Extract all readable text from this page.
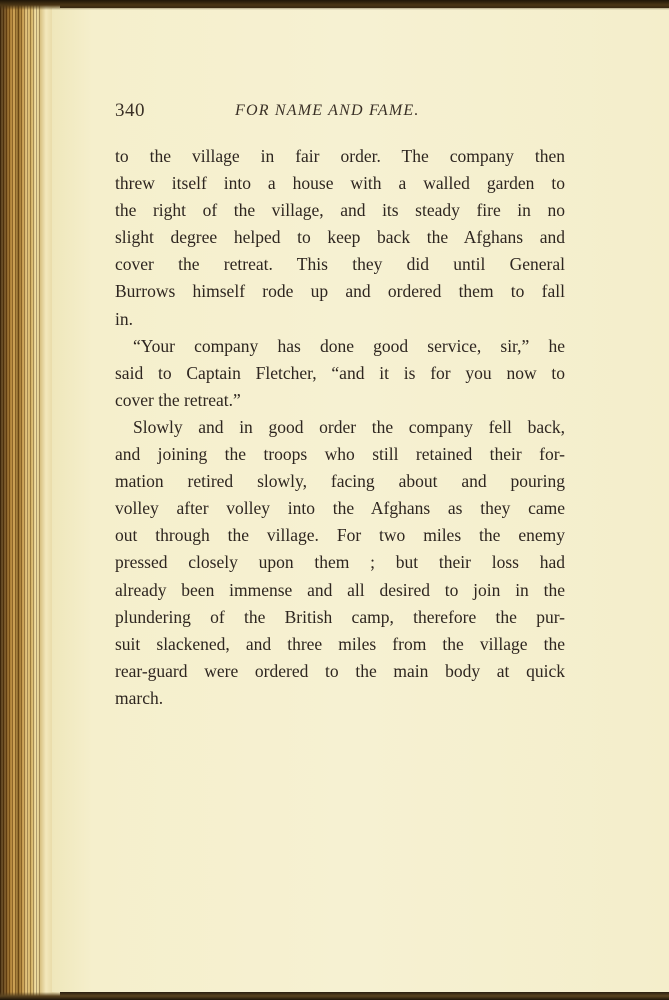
340	FOR NAME AND FAME.
to the village in fair order. The company then
threw itself into a house with a walled garden to
the right of the village, and its steady fire in no
slight degree helped to keep back the Afghans and
cover the retreat. This they did until General
Burrows himself rode up and ordered them to fall
in.
“Your company has done good service, sir,” he
said to Captain Fletcher, “and it is for you now to
cover the retreat.”
Slowly and in good order the company fell back,
and joining the troops who still retained their for-
mation retired slowly, facing about and pouring
volley after volley into the Afghans as they came
out through the village. For two miles the enemy
pressed closely upon them ; but their loss had
already been immense and all desired to join in the
plundering of the British camp, therefore the pur-
suit slackened, and three miles from the village the
rear-guard were ordered to the main body at quick
march.
